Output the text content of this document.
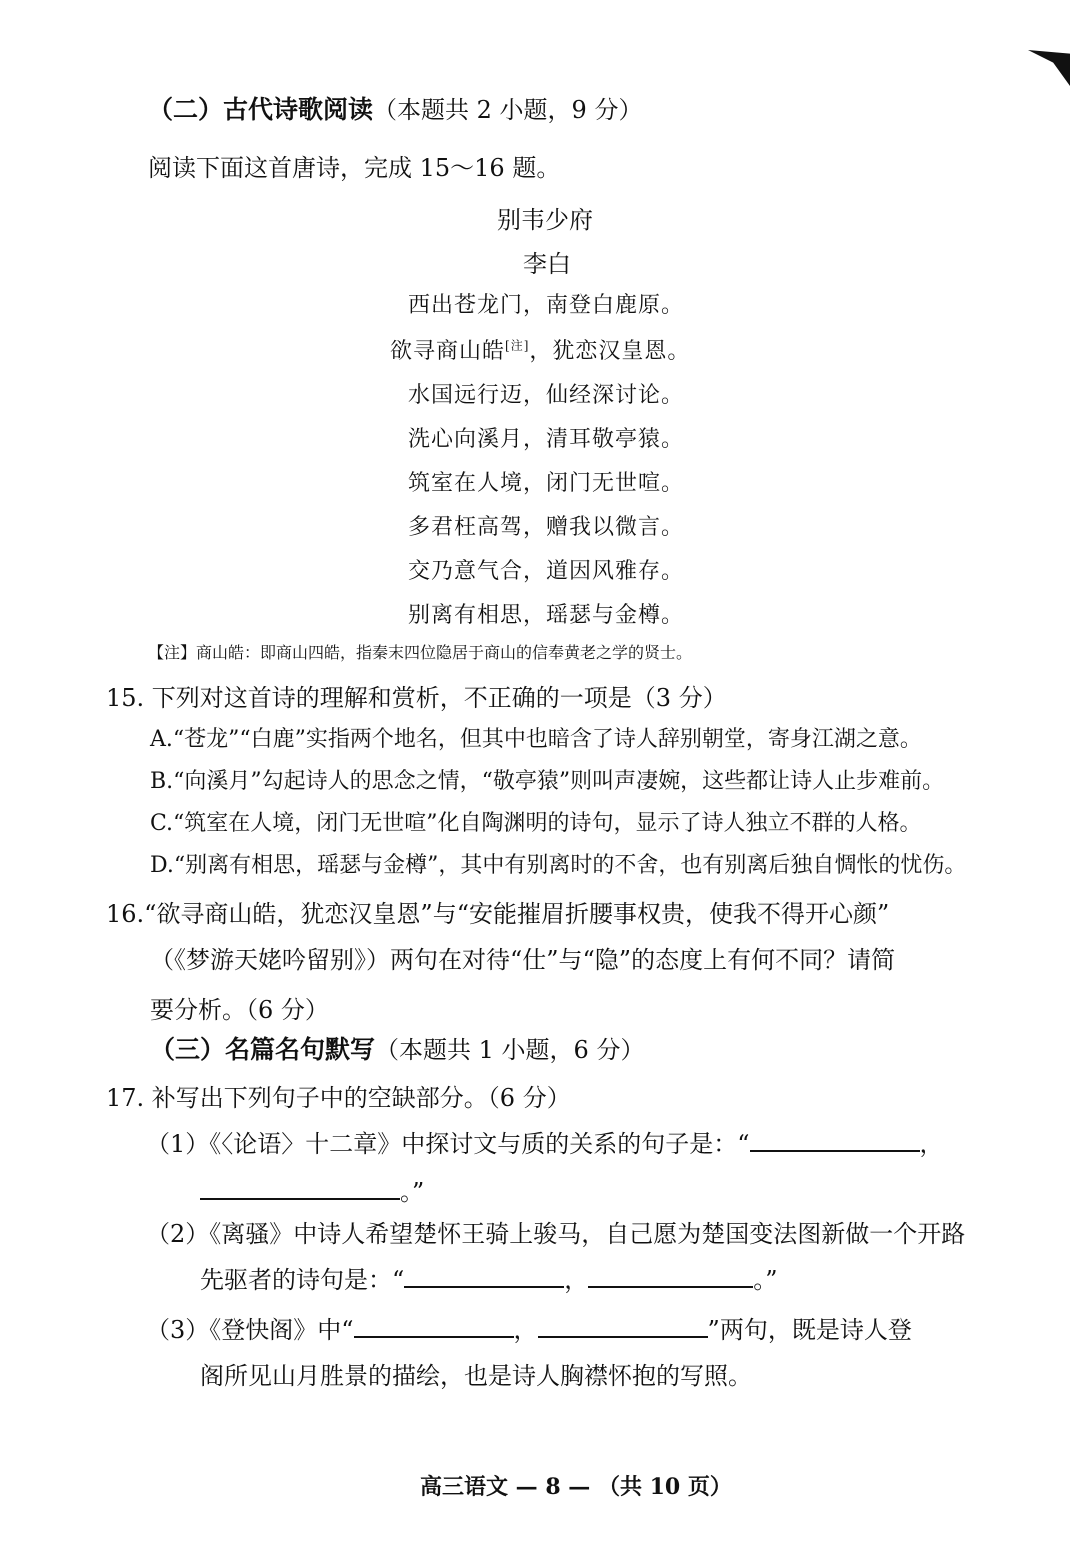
（二）古代诗歌阅读（本题共 2 小题，9 分）
阅读下面这首唐诗，完成 15～16 题。
别韦少府
李白
西出苍龙门，南登白鹿原。
欲寻商山皓[注]，犹恋汉皇恩。
水国远行迈，仙经深讨论。
洗心向溪月，清耳敬亭猿。
筑室在人境，闭门无世喧。
多君枉高驾，赠我以微言。
交乃意气合，道因风雅存。
别离有相思，瑶瑟与金樽。
【注】商山皓：即商山四皓，指秦末四位隐居于商山的信奉黄老之学的贤士。
15. 下列对这首诗的理解和赏析，不正确的一项是（3 分）
A.“苍龙”“白鹿”实指两个地名，但其中也暗含了诗人辞别朝堂，寄身江湖之意。
B.“向溪月”勾起诗人的思念之情，“敬亭猿”则叫声凄婉，这些都让诗人止步难前。
C.“筑室在人境，闭门无世喧”化自陶渊明的诗句，显示了诗人独立不群的人格。
D.“别离有相思，瑶瑟与金樽”，其中有别离时的不舍，也有别离后独自惆怅的忧伤。
16.“欲寻商山皓，犹恋汉皇恩”与“安能摧眉折腰事权贵，使我不得开心颜”
（《梦游天姥吟留别》）两句在对待“仕”与“隐”的态度上有何不同？请简
要分析。（6 分）
（三）名篇名句默写（本题共 1 小题，6 分）
17. 补写出下列句子中的空缺部分。（6 分）
（1）《〈论语〉十二章》中探讨文与质的关系的句子是：“	，
。”
（2）《离骚》中诗人希望楚怀王骑上骏马，自己愿为楚国变法图新做一个开路
先驱者的诗句是：“	，	。”
（3）《登快阁》中“	，	”两句，既是诗人登
阁所见山月胜景的描绘，也是诗人胸襟怀抱的写照。
高三语文 — 8 — （共 10 页）
